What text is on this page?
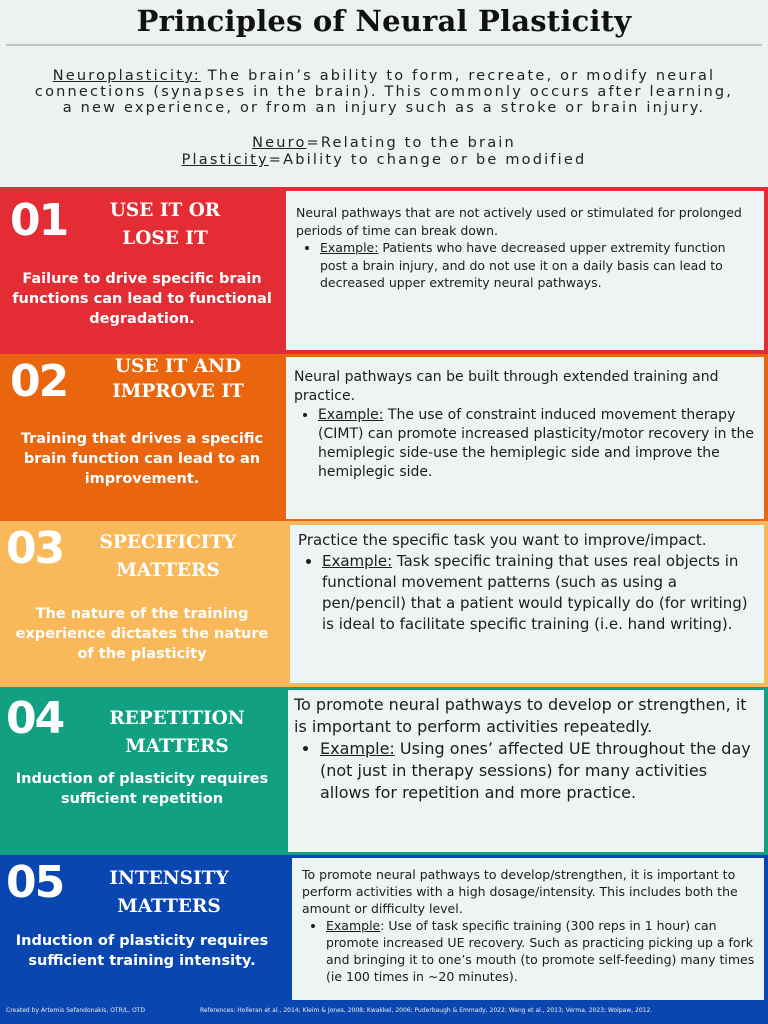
Principles of Neural Plasticity
Neuroplasticity: The brain’s ability to form, recreate, or modify neural
connections (synapses in the brain). This commonly occurs after learning,
a new experience, or from an injury such as a stroke or brain injury.
Neuro=Relating to the brain
Plasticity=Ability to change or be modified
01	USE IT OR
LOSE IT
Failure to drive specific brain functions can lead to functional degradation.

Neural pathways that are not actively used or stimulated for prolonged periods of time can break down.

• Example: Patients who have decreased upper extremity function post a brain injury, and do not use it on a daily basis can lead to decreased upper extremity neural pathways.
02	USE IT AND
IMPROVE IT
Training that drives a specific brain function can lead to an improvement.

Neural pathways can be built through extended training and practice.

• Example: The use of constraint induced movement therapy (CIMT) can promote increased plasticity/motor recovery in the hemiplegic side-use the hemiplegic side and improve the hemiplegic side.
03	SPECIFICITY
MATTERS
The nature of the training experience dictates the nature of the plasticity

Practice the specific task you want to improve/impact.

• Example: Task specific training that uses real objects in functional movement patterns (such as using a pen/pencil) that a patient would typically do (for writing) is ideal to facilitate specific training (i.e. hand writing).
04	REPETITION
MATTERS
Induction of plasticity requires sufficient repetition

To promote neural pathways to develop or strengthen, it is important to perform activities repeatedly.

• Example: Using ones’ affected UE throughout the day (not just in therapy sessions) for many activities allows for repetition and more practice.
05	INTENSITY
MATTERS
Induction of plasticity requires sufficient training intensity.

To promote neural pathways to develop/strengthen, it is important to perform activities with a high dosage/intensity. This includes both the amount or difficulty level.

• Example: Use of task specific training (300 reps in 1 hour) can promote increased UE recovery. Such as practicing picking up a fork and bringing it to one’s mouth (to promote self-feeding) many times (ie 100 times in ~20 minutes).
Created by Artemis Sefandonakis, OTR/L, OTD	References: Holleran et al., 2014; Kleim & Jones, 2008; Kwakkel, 2006; Puderbaugh & Emmady, 2022; Wang et al., 2013; Verma, 2023; Wolpaw, 2012.
